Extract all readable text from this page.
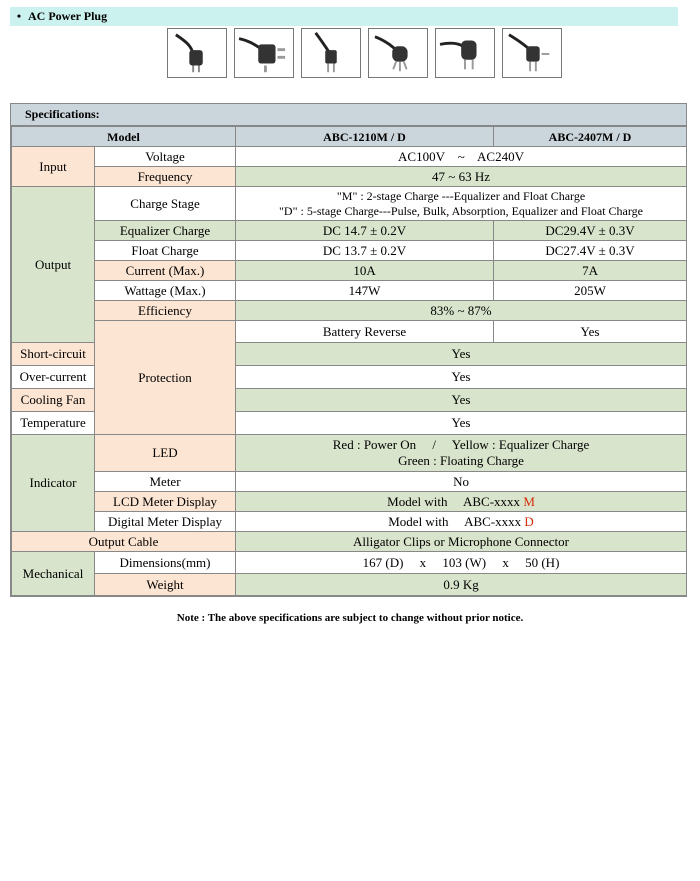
• AC Power Plug
Specifications:
Model		ABC-1210M / D	ABC-2407M / D
Input	Voltage	AC100V    ~    AC240V	
	Frequency	47 ~ 63 Hz	
Output	Charge Stage	"M" : 2-stage Charge ---Equalizer and Float Charge
"D" : 5-stage Charge---Pulse, Bulk, Absorption, Equalizer and Float Charge	

	Equalizer Charge	DC 14.7 ± 0.2V	DC29.4V ± 0.3V
	Float Charge	DC 13.7 ± 0.2V	DC27.4V ± 0.3V
	Current (Max.)	10A	7A
	Wattage (Max.)	147W	205W
	Efficiency	83% ~ 87%	
	Protection	Battery Reverse	Yes
Short-circuit		Yes	
Over-current		Yes	
Cooling Fan		Yes	
Temperature		Yes	
Indicator	LED	Red : Power On     /     Yellow : Equalizer Charge
Green : Floating Charge	

	Meter	No	
	LCD Meter Display	Model with     ABC-xxxx M	
	Digital Meter Display	Model with     ABC-xxxx D	
Output Cable		Alligator Clips or Microphone Connector	
Mechanical	Dimensions(mm)	167 (D)     x     103 (W)     x     50 (H)	
	Weight	0.9 Kg	
Note : The above specifications are subject to change without prior notice.
